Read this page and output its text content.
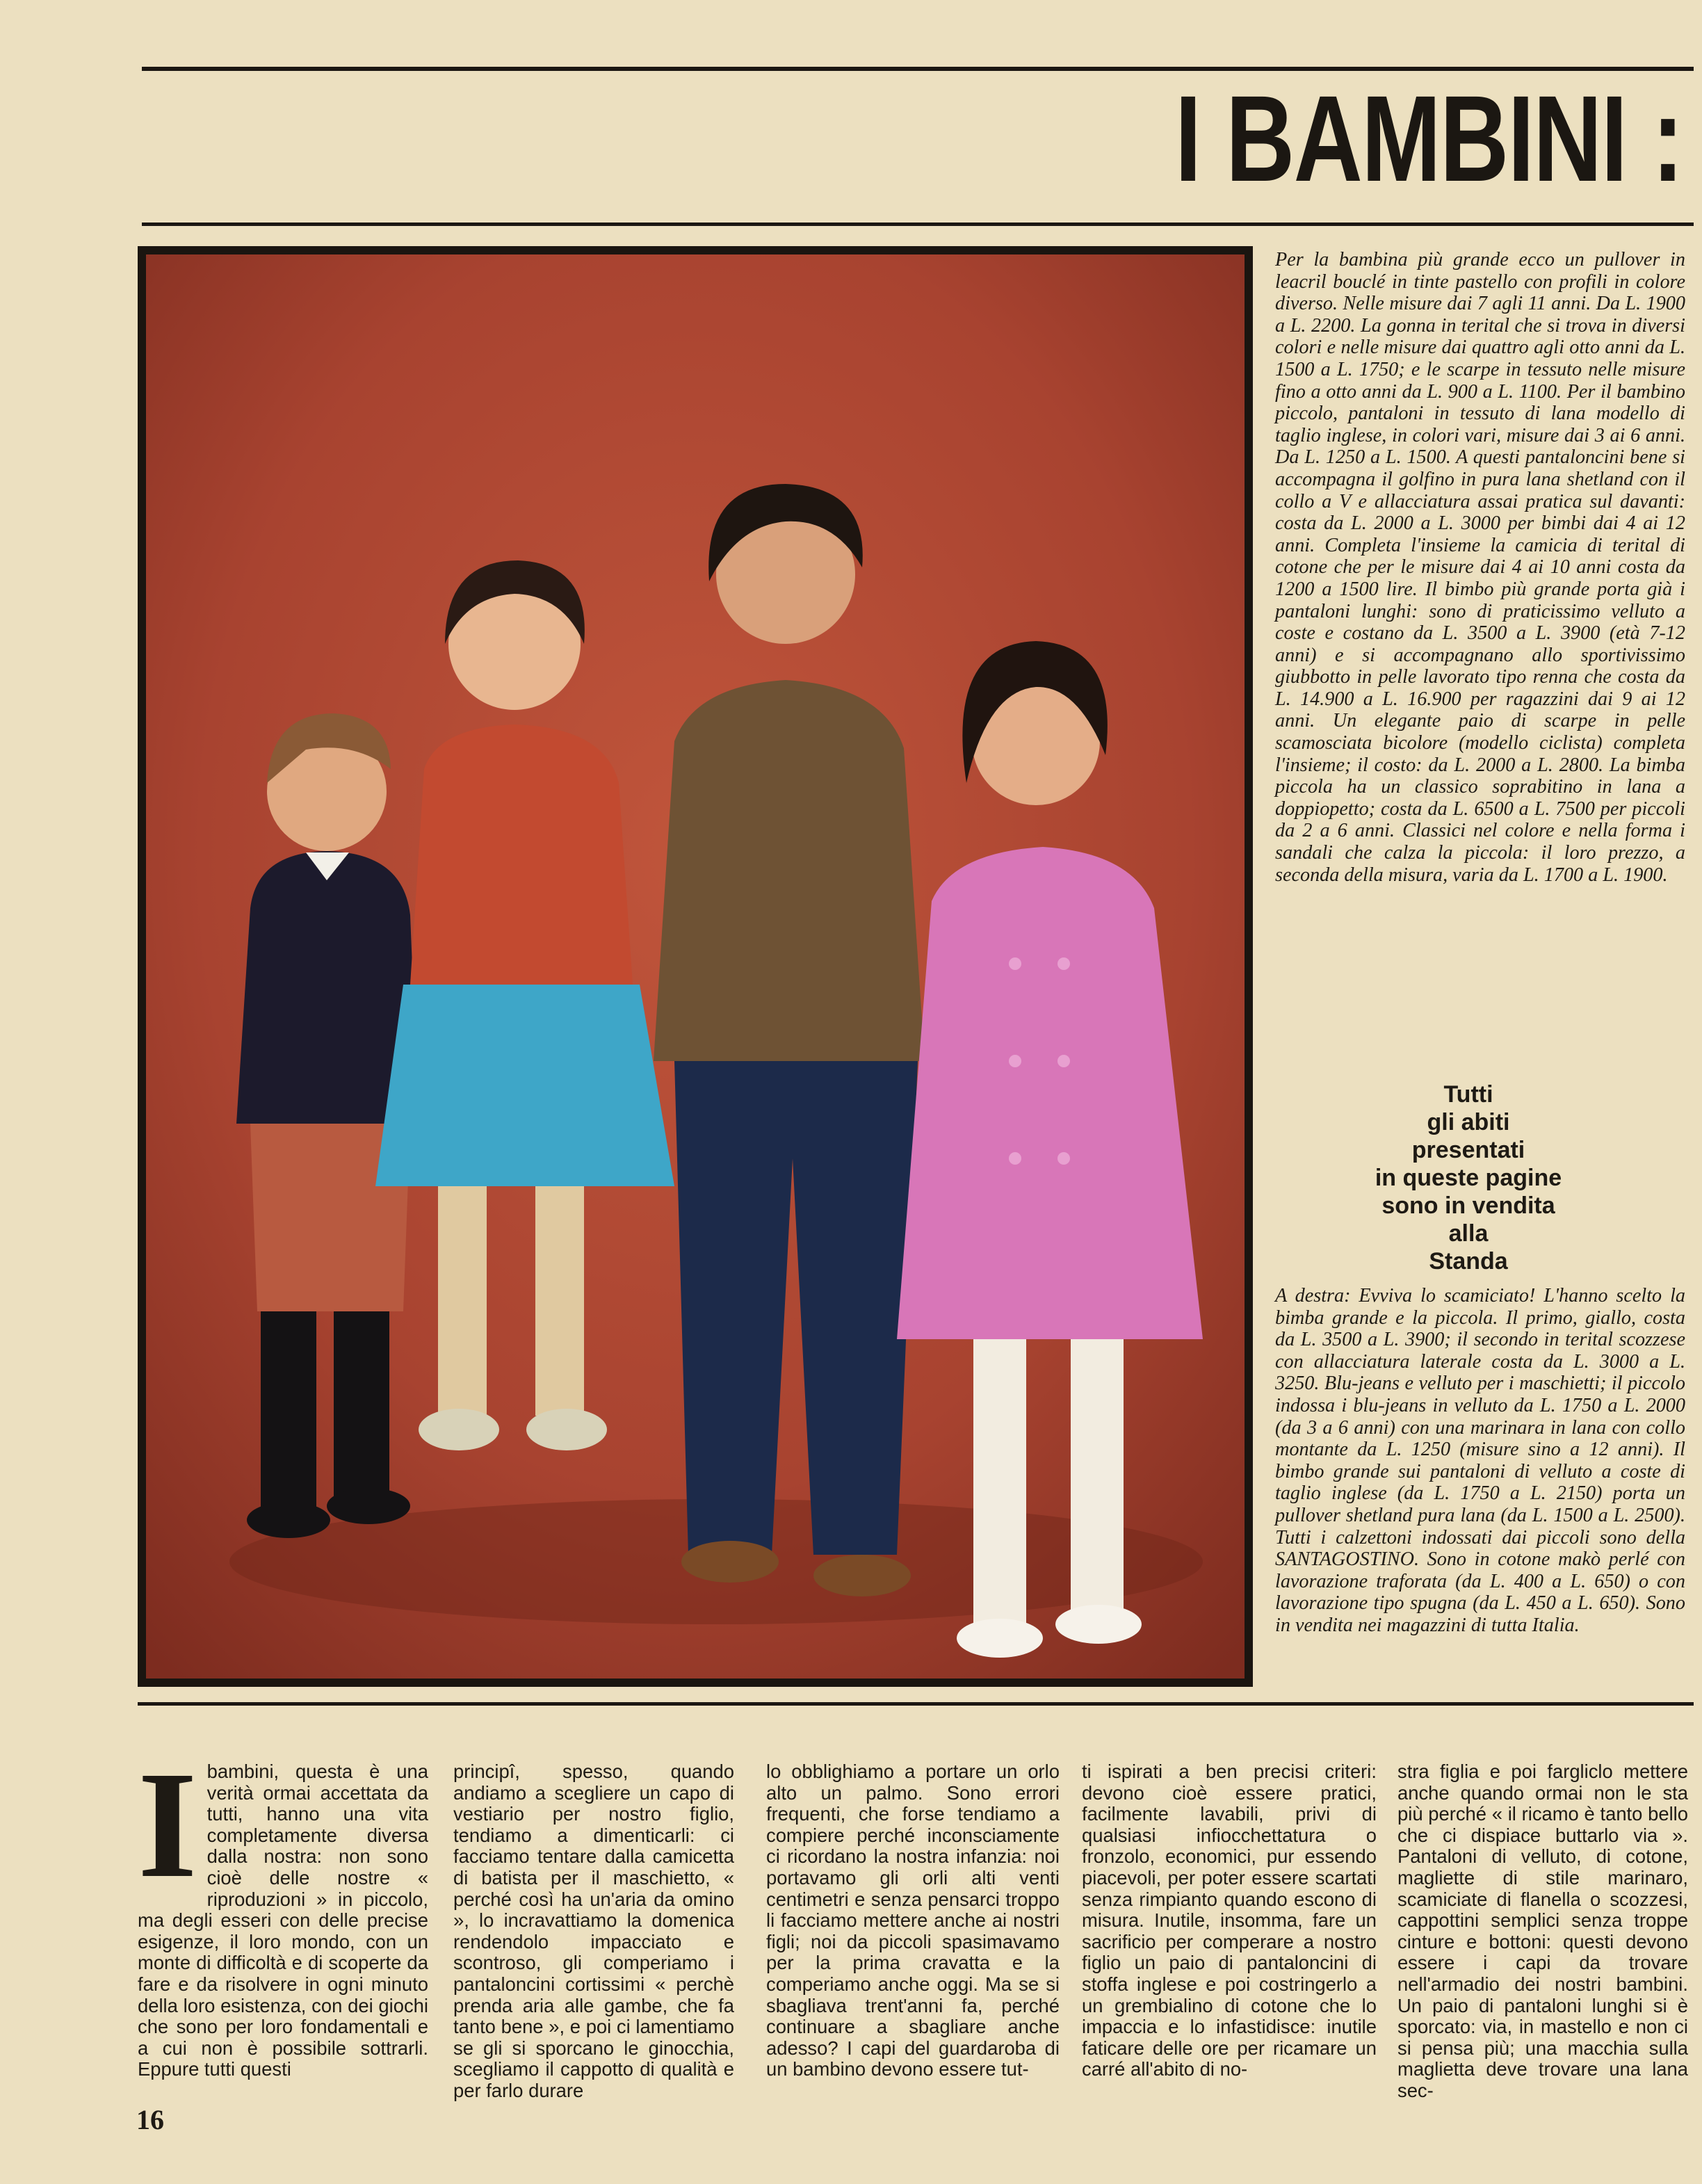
I BAMBINI :
Per la bambina più grande ecco un pullover in leacril bouclé in tinte pastello con profili in colore diverso. Nelle misure dai 7 agli 11 anni. Da L. 1900 a L. 2200. La gonna in terital che si trova in diversi colori e nelle misure dai quattro agli otto anni da L. 1500 a L. 1750; e le scarpe in tessuto nelle misure fino a otto anni da L. 900 a L. 1100. Per il bambino piccolo, pantaloni in tessuto di lana modello di taglio inglese, in colori vari, misure dai 3 ai 6 anni. Da L. 1250 a L. 1500. A questi pantaloncini bene si accompagna il golfino in pura lana shetland con il collo a V e allacciatura assai pratica sul davanti: costa da L. 2000 a L. 3000 per bimbi dai 4 ai 12 anni. Completa l'insieme la camicia di terital di cotone che per le misure dai 4 ai 10 anni costa da 1200 a 1500 lire. Il bimbo più grande porta già i pantaloni lunghi: sono di praticissimo velluto a coste e costano da L. 3500 a L. 3900 (età 7-12 anni) e si accompagnano allo sportivissimo giubbotto in pelle lavorato tipo renna che costa da L. 14.900 a L. 16.900 per ragazzini dai 9 ai 12 anni. Un elegante paio di scarpe in pelle scamosciata bicolore (modello ciclista) completa l'insieme; il costo: da L. 2000 a L. 2800. La bimba piccola ha un classico soprabitino in lana a doppiopetto; costa da L. 6500 a L. 7500 per piccoli da 2 a 6 anni. Classici nel colore e nella forma i sandali che calza la piccola: il loro prezzo, a seconda della misura, varia da L. 1700 a L. 1900.
Tutti
gli abiti
presentati
in queste pagine
sono in vendita
alla
Standa
A destra: Evviva lo scamiciato! L'hanno scelto la bimba grande e la piccola. Il primo, giallo, costa da L. 3500 a L. 3900; il secondo in terital scozzese con allacciatura laterale costa da L. 3000 a L. 3250. Blu-jeans e velluto per i maschietti; il piccolo indossa i blu-jeans in velluto da L. 1750 a L. 2000 (da 3 a 6 anni) con una marinara in lana con collo montante da L. 1250 (misure sino a 12 anni). Il bimbo grande sui pantaloni di velluto a coste di taglio inglese (da L. 1750 a L. 2150) porta un pullover shetland pura lana (da L. 1500 a L. 2500). Tutti i calzettoni indossati dai piccoli sono della SANTAGOSTINO. Sono in cotone makò perlé con lavorazione traforata (da L. 400 a L. 650) o con lavorazione tipo spugna (da L. 450 a L. 650). Sono in vendita nei magazzini di tutta Italia.
I bambini, questa è una verità ormai accettata da tutti, hanno una vita completamente diversa dalla nostra: non sono cioè delle nostre « riproduzioni » in piccolo, ma degli esseri con delle precise esigenze, il loro mondo, con un monte di difficoltà e di scoperte da fare e da risolvere in ogni minuto della loro esistenza, con dei giochi che sono per loro fondamentali e a cui non è possibile sottrarli. Eppure tutti questi

principî, spesso, quando andiamo a scegliere un capo di vestiario per nostro figlio, tendiamo a dimenticarli: ci facciamo tentare dalla camicetta di batista per il maschietto, « perché così ha un'aria da omino », lo incravattiamo la domenica rendendolo impacciato e scontroso, gli comperiamo i pantaloncini cortissimi « perchè prenda aria alle gambe, che fa tanto bene », e poi ci lamentiamo se gli si sporcano le ginocchia, scegliamo il cappotto di qualità e per farlo durare

lo obblighiamo a portare un orlo alto un palmo. Sono errori frequenti, che forse tendiamo a compiere perché inconsciamente ci ricordano la nostra infanzia: noi portavamo gli orli alti venti centimetri e senza pensarci troppo li facciamo mettere anche ai nostri figli; noi da piccoli spasimavamo per la prima cravatta e la comperiamo anche oggi. Ma se si sbagliava trent'anni fa, perché continuare a sbagliare anche adesso? I capi del guardaroba di un bambino devono essere tut-

ti ispirati a ben precisi criteri: devono cioè essere pratici, facilmente lavabili, privi di qualsiasi infiocchettatura o fronzolo, economici, pur essendo piacevoli, per poter essere scartati senza rimpianto quando escono di misura. Inutile, insomma, fare un sacrificio per comperare a nostro figlio un paio di pantaloncini di stoffa inglese e poi costringerlo a un grembialino di cotone che lo impaccia e lo infastidisce: inutile faticare delle ore per ricamare un carré all'abito di no-

stra figlia e poi fargliclo mettere anche quando ormai non le sta più perché « il ricamo è tanto bello che ci dispiace buttarlo via ». Pantaloni di velluto, di cotone, magliette di stile marinaro, scamiciate di flanella o scozzesi, cappottini semplici senza troppe cinture e bottoni: questi devono essere i capi da trovare nell'armadio dei nostri bambini. Un paio di pantaloni lunghi si è sporcato: via, in mastello e non ci si pensa più; una macchia sulla maglietta deve trovare una lana sec-

16
